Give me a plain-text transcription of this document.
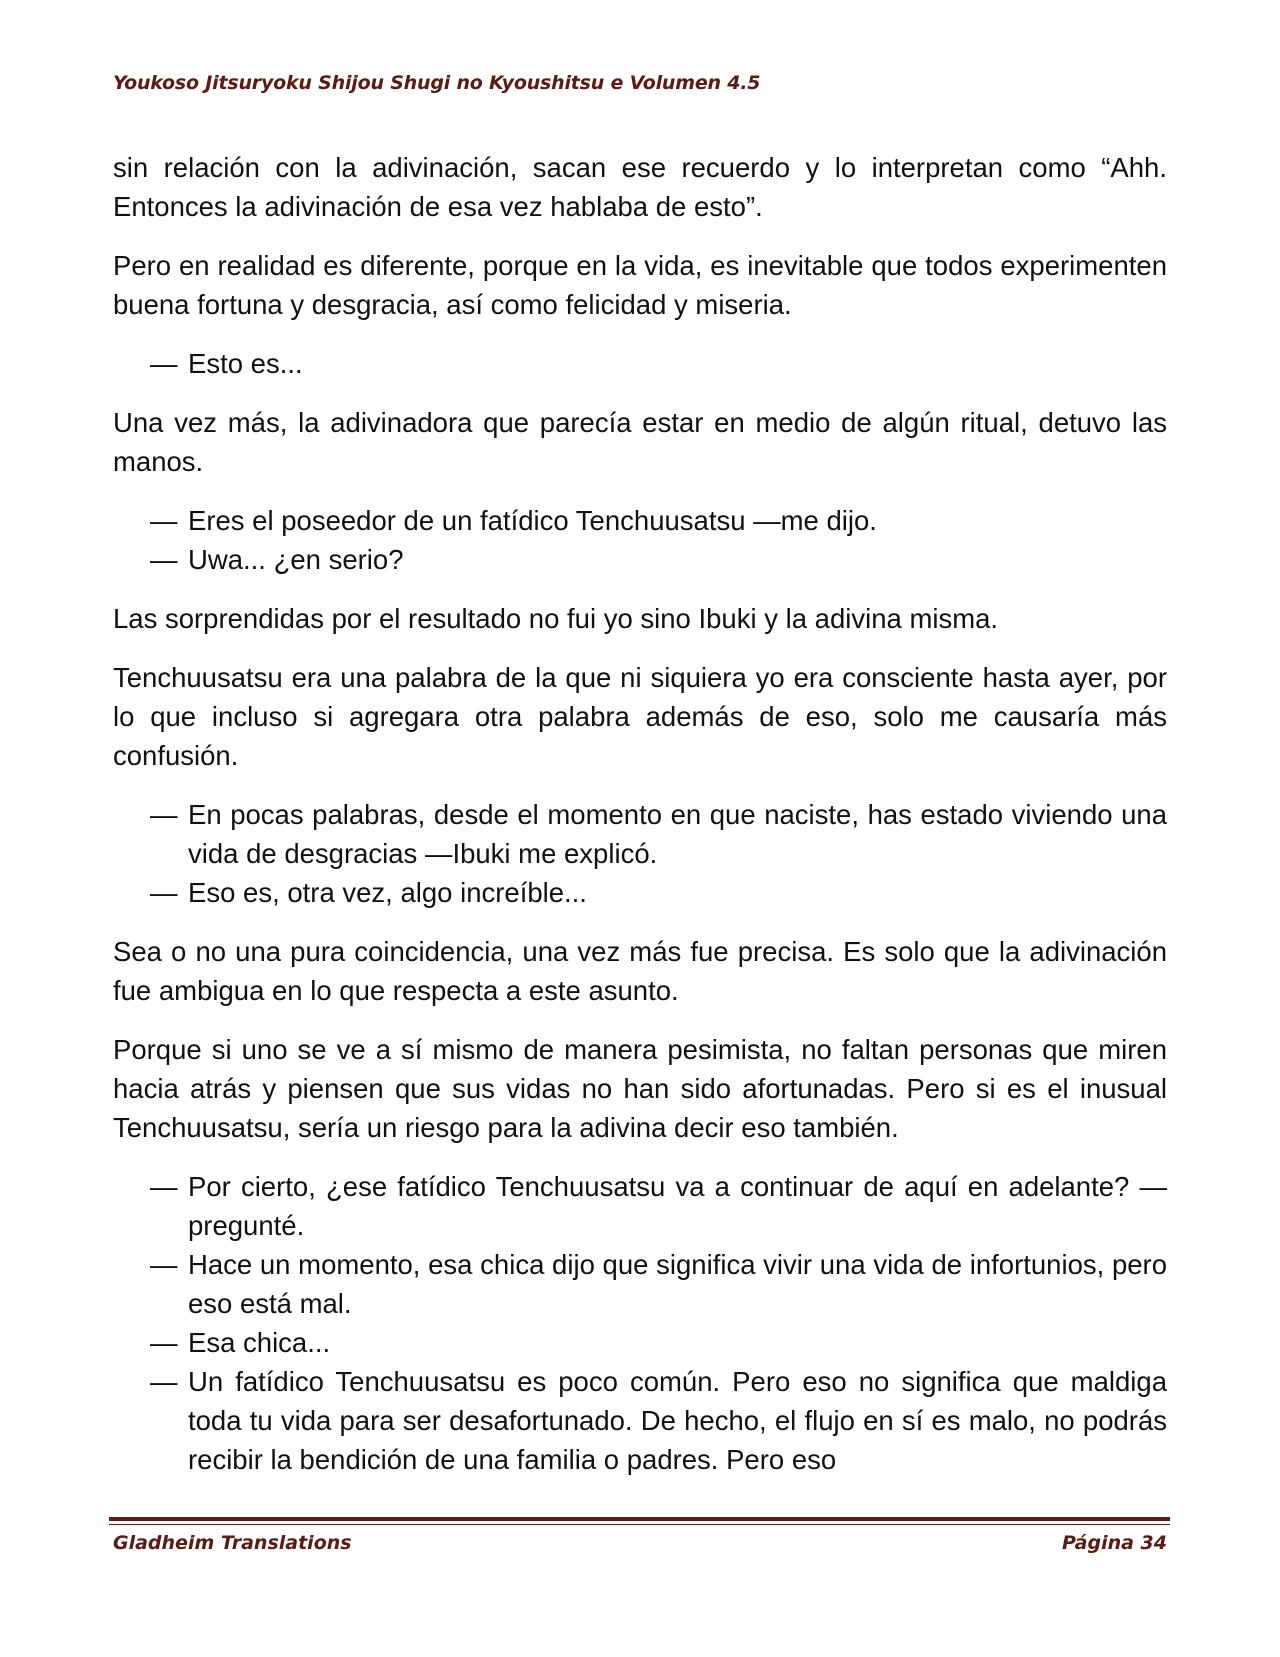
Youkoso Jitsuryoku Shijou Shugi no Kyoushitsu e Volumen 4.5

sin relación con la adivinación, sacan ese recuerdo y lo interpretan como “Ahh. Entonces la adivinación de esa vez hablaba de esto”.

Pero en realidad es diferente, porque en la vida, es inevitable que todos experimenten buena fortuna y desgracia, así como felicidad y miseria.

— Esto es...

Una vez más, la adivinadora que parecía estar en medio de algún ritual, detuvo las manos.

— Eres el poseedor de un fatídico Tenchuusatsu —me dijo.
— Uwa... ¿en serio?

Las sorprendidas por el resultado no fui yo sino Ibuki y la adivina misma.

Tenchuusatsu era una palabra de la que ni siquiera yo era consciente hasta ayer, por lo que incluso si agregara otra palabra además de eso, solo me causaría más confusión.

— En pocas palabras, desde el momento en que naciste, has estado viviendo una vida de desgracias —Ibuki me explicó.
— Eso es, otra vez, algo increíble...

Sea o no una pura coincidencia, una vez más fue precisa. Es solo que la adivinación fue ambigua en lo que respecta a este asunto.

Porque si uno se ve a sí mismo de manera pesimista, no faltan personas que miren hacia atrás y piensen que sus vidas no han sido afortunadas. Pero si es el inusual Tenchuusatsu, sería un riesgo para la adivina decir eso también.

— Por cierto, ¿ese fatídico Tenchuusatsu va a continuar de aquí en adelante? —pregunté.
— Hace un momento, esa chica dijo que significa vivir una vida de infortunios, pero eso está mal.
— Esa chica...
— Un fatídico Tenchuusatsu es poco común. Pero eso no significa que maldiga toda tu vida para ser desafortunado. De hecho, el flujo en sí es malo, no podrás recibir la bendición de una familia o padres. Pero eso
Gladheim Translations	Página 34
